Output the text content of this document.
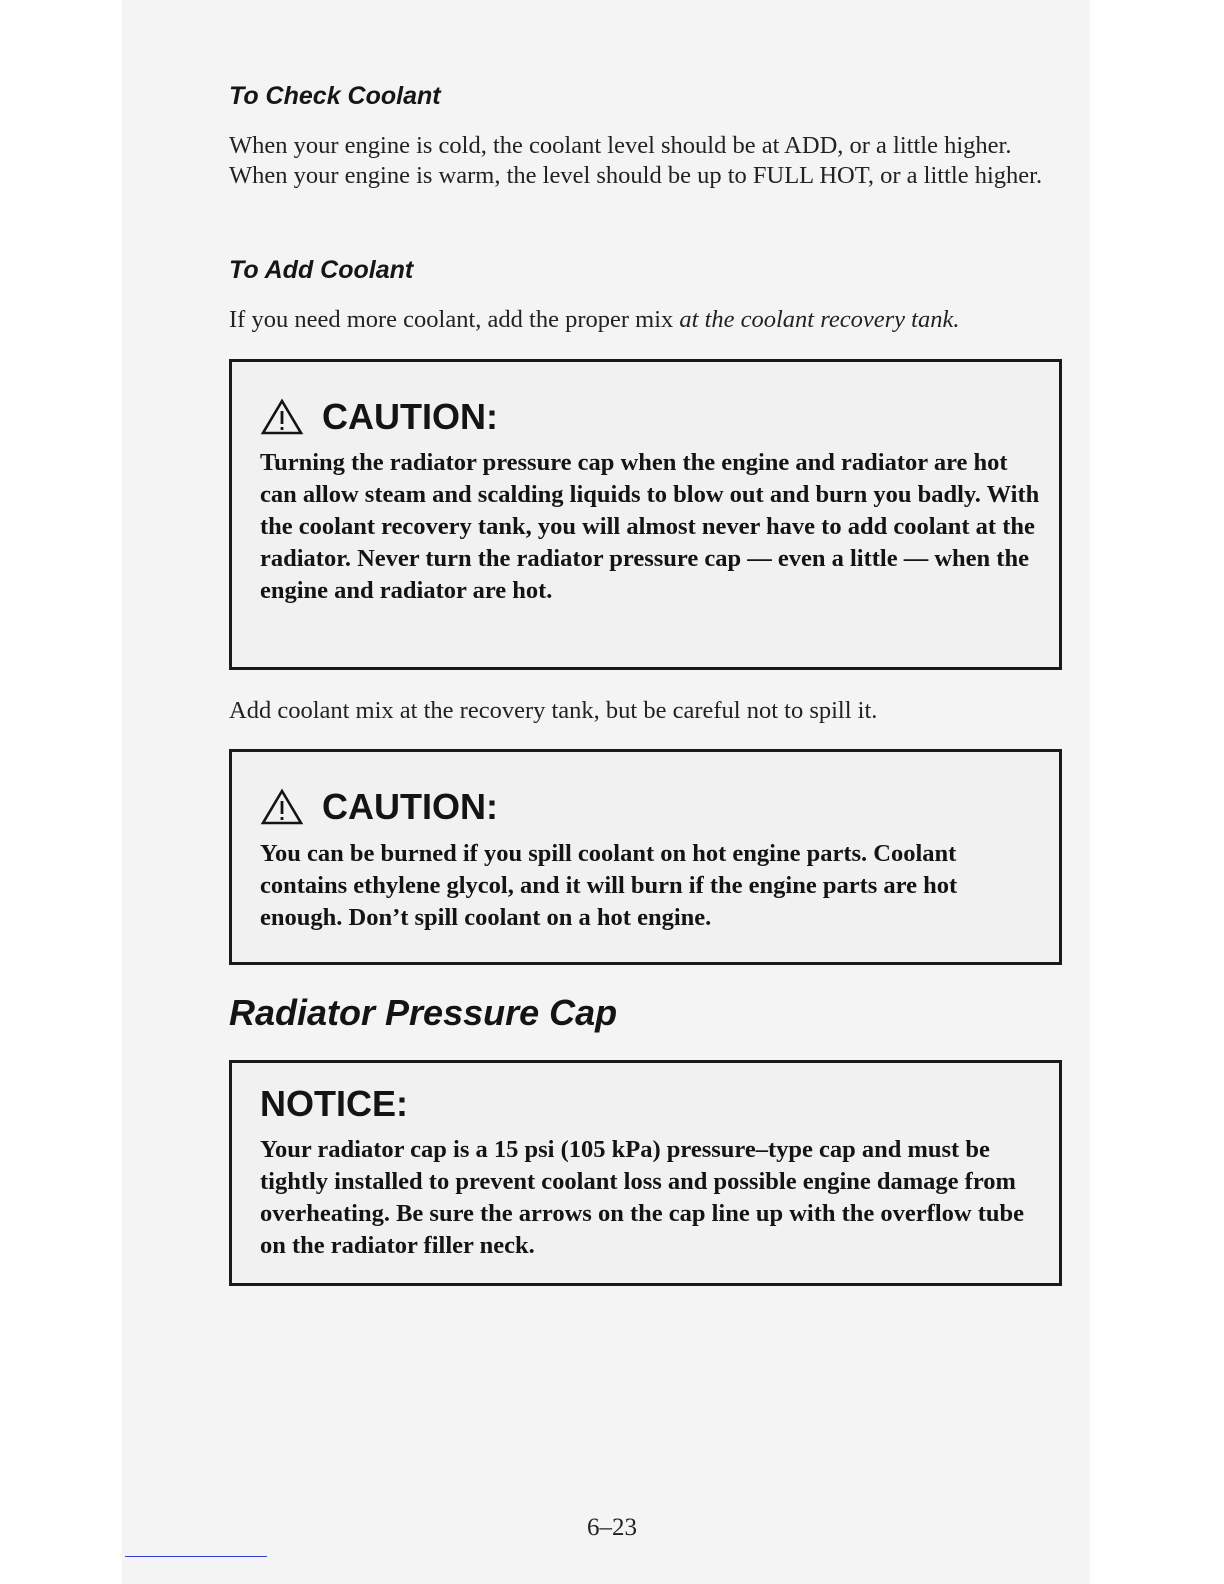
To Check Coolant

When your engine is cold, the coolant level should be at ADD, or a little higher. When your engine is warm, the level should be up to FULL HOT, or a little higher.

To Add Coolant

If you need more coolant, add the proper mix at the coolant recovery tank.

CAUTION:

Turning the radiator pressure cap when the engine and radiator are hot can allow steam and scalding liquids to blow out and burn you badly. With the coolant recovery tank, you will almost never have to add coolant at the radiator. Never turn the radiator pressure cap — even a little — when the engine and radiator are hot.

Add coolant mix at the recovery tank, but be careful not to spill it.

CAUTION:

You can be burned if you spill coolant on hot engine parts. Coolant contains ethylene glycol, and it will burn if the engine parts are hot enough. Don’t spill coolant on a hot engine.

Radiator Pressure Cap
NOTICE:

Your radiator cap is a 15 psi (105 kPa) pressure–type cap and must be tightly installed to prevent coolant loss and possible engine damage from overheating. Be sure the arrows on the cap line up with the overflow tube on the radiator filler neck.

6–23
